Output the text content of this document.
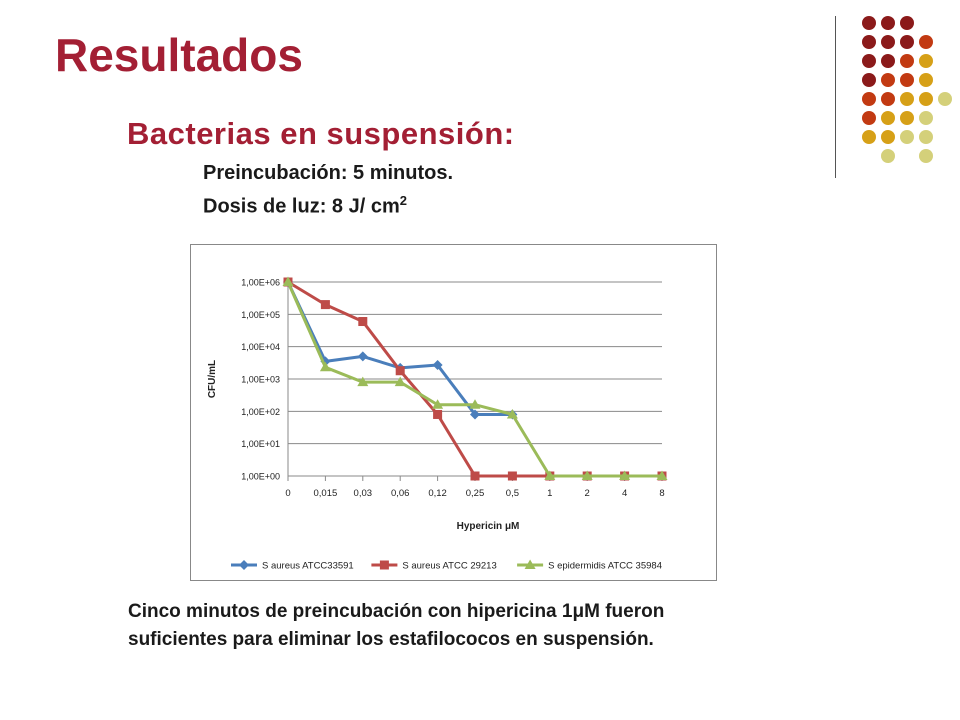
Resultados
Bacterias en suspensión:
Preincubación: 5 minutos.
Dosis de luz: 8 J/ $cm^2$
1,00E+00
1,00E+01
1,00E+02
1,00E+03
1,00E+04
1,00E+05
1,00E+06
0 0,015 0,03 0,06 0,12 0,25 0,5	1	2	4	8
CFU/mL
Hypericin μM
S aureus ATCC33591	S aureus ATCC 29213	S epidermidis ATCC 35984

Cinco minutos de preincubación con hipericina 1μM fueron
suficientes para eliminar los estafilococos en suspensión.
